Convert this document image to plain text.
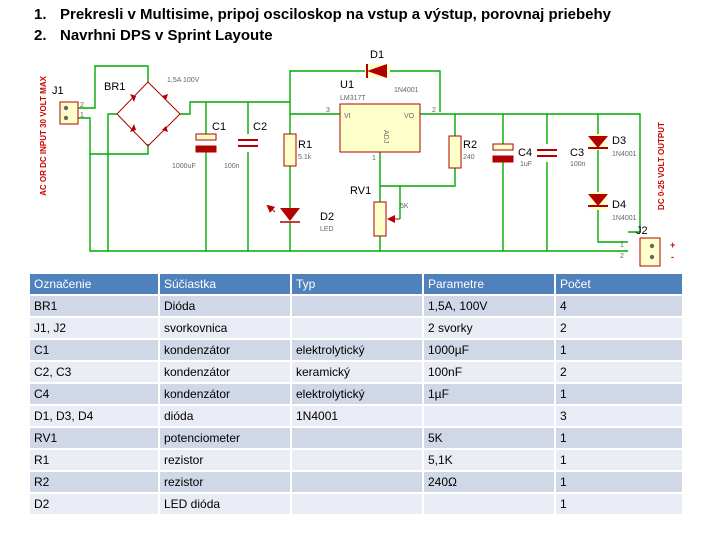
1. Prekresli v Multisime, pripoj osciloskop na vstup a výstup, porovnaj priebehy
2. Navrhni DPS v Sprint Layoute
AC OR DC INPUT 30 VOLT MAX J1
2
1
BR1
1,5A 100V
C1
1000uF
C2
100n
R1
5.1k
D2
LED
D1
1N4001
U1
LM317T
VI	VO
ADJ
3	2
1
R2
240
RV1
5K
C4
1uF
C3
100n
D3
1N4001
D4
1N4001
J2
1
2
+
-
DC 0-25 VOLT OUTPUT
Označenie	Súčiastka	Typ	Parametre	Počet
BR1	Dióda		1,5A, 100V	4
J1, J2	svorkovnica		2 svorky	2
C1	kondenzátor	elektrolytický	1000µF	1
C2, C3	kondenzátor	keramický	100nF	2
C4	kondenzátor	elektrolytický	1µF	1
D1, D3, D4	dióda	1N4001		3
RV1	potenciometer		5K	1
R1	rezistor		5,1K	1
R2	rezistor		240Ω	1
D2	LED dióda			1
